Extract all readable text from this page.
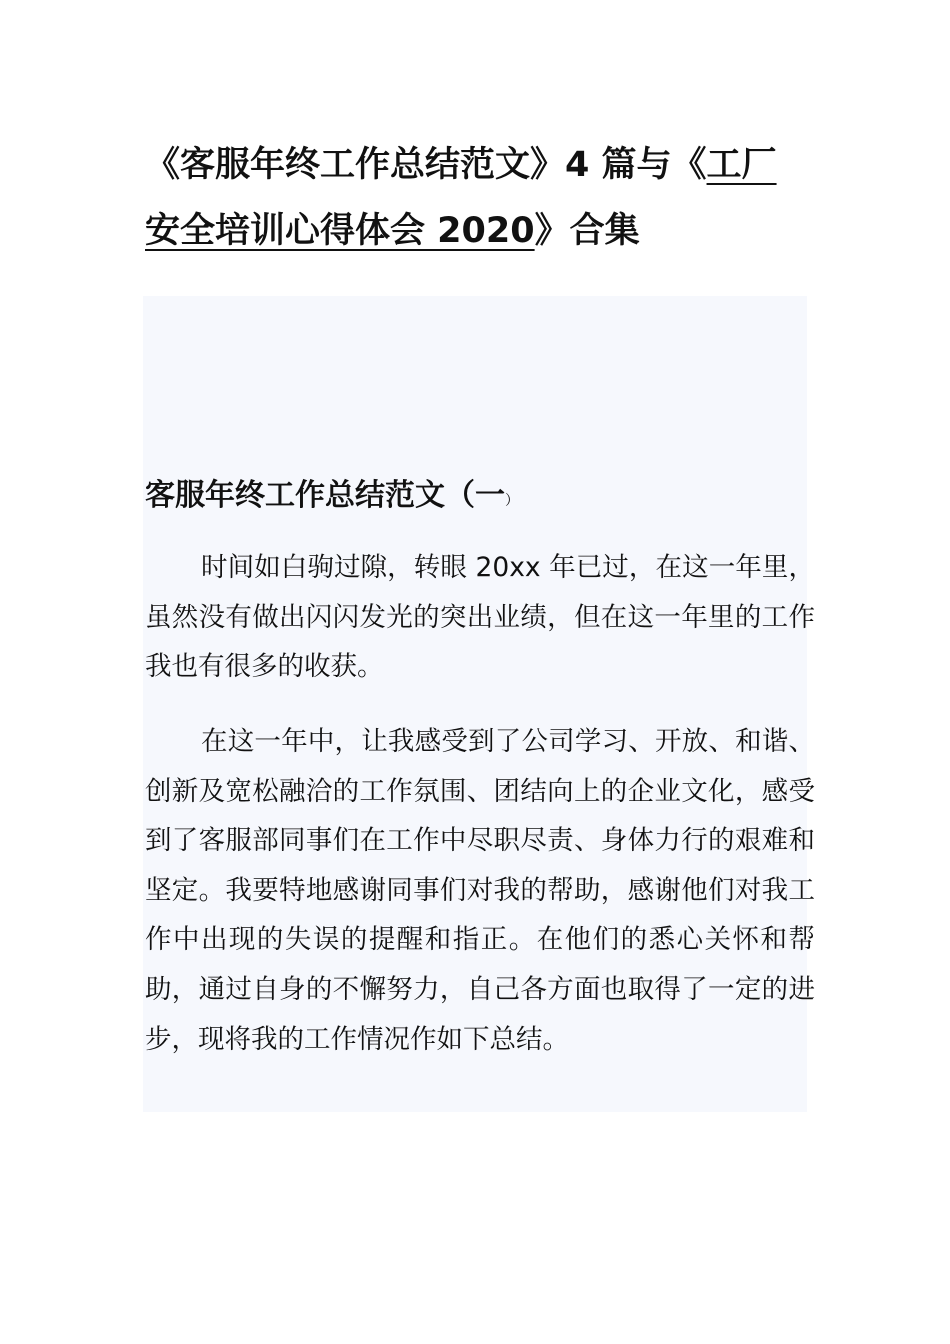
《客服年终工作总结范文》4 篇与《工厂安全培训心得体会 2020》合集
客服年终工作总结范文（一）

时间如白驹过隙，转眼 20xx 年已过，在这一年里，虽然没有做出闪闪发光的突出业绩，但在这一年里的工作我也有很多的收获。

在这一年中，让我感受到了公司学习、开放、和谐、创新及宽松融洽的工作氛围、团结向上的企业文化，感受到了客服部同事们在工作中尽职尽责、身体力行的艰难和坚定。我要特地感谢同事们对我的帮助，感谢他们对我工作中出现的失误的提醒和指正。在他们的悉心关怀和帮助，通过自身的不懈努力，自己各方面也取得了一定的进步，现将我的工作情况作如下总结。
